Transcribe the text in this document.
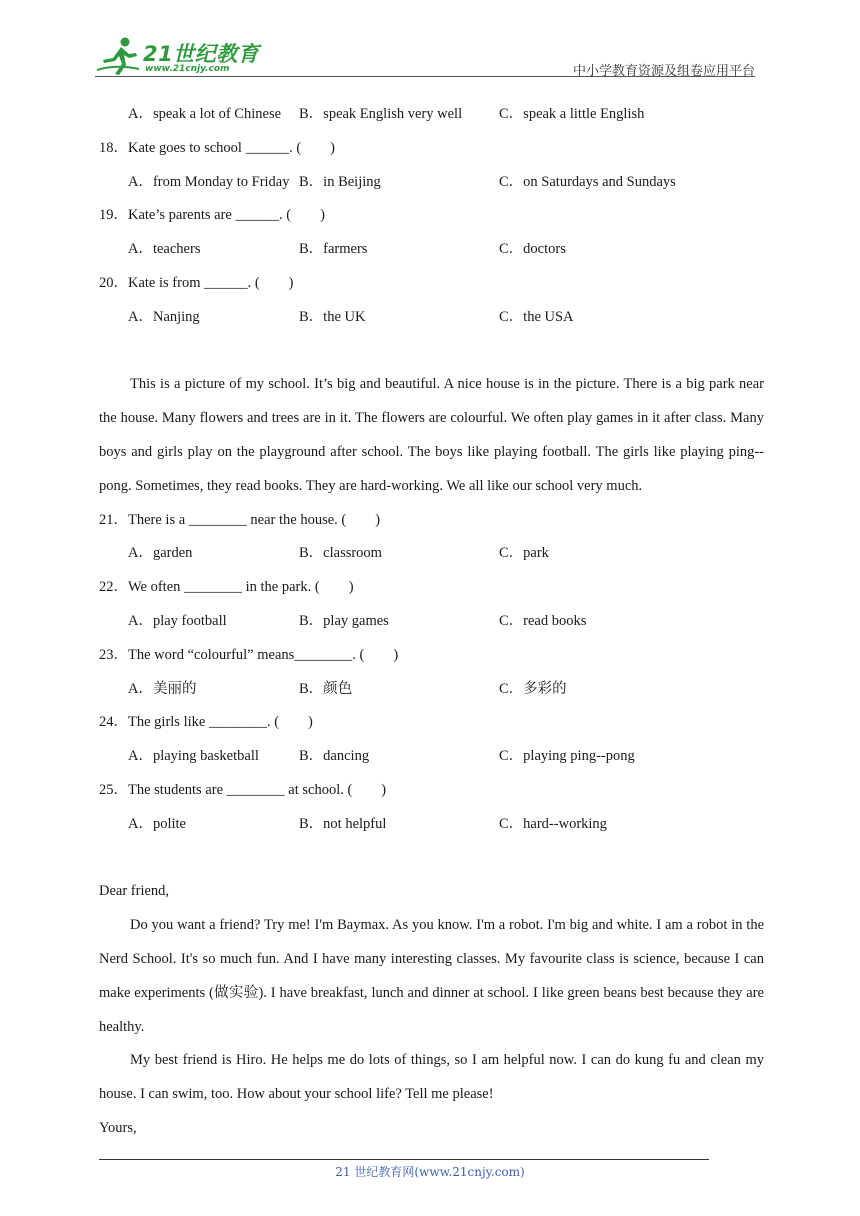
21世纪教育
www.21cnjy.com	中小学教育资源及组卷应用平台
A．speak a lot of Chinese B．speak English very well	C．speak a little English
18．Kate goes to school ______. (　　)
A．from Monday to Friday B．in Beijing	C．on Saturdays and Sundays
19．Kate’s parents are ______. (　　)
A．teachers	B．farmers	C．doctors
20．Kate is from ______. (　　)
A．Nanjing	B．the UK	C．the USA

This is a picture of my school. It’s big and beautiful. A nice house is in the picture. There is a big park near the house. Many flowers and trees are in it. The flowers are colourful. We often play games in it after class. Many boys and girls play on the playground after school. The boys like playing football. The girls like playing ping--pong. Sometimes, they read books. They are hard-working. We all like our school very much.

21．There is a ________ near the house. (　　)
A．garden	B．classroom	C．park
22．We often ________ in the park. (　　)
A．play football	B．play games	C．read books
23．The word “colourful” means________. (　　)
A．美丽的	B．颜色	C．多彩的
24．The girls like ________. (　　)
A．playing basketball	B．dancing	C．playing ping--pong
25．The students are ________ at school. (　　)
A．polite	B．not helpful	C．hard--working

Dear friend,

Do you want a friend? Try me! I'm Baymax. As you know. I'm a robot. I'm big and white. I am a robot in the Nerd School. It's so much fun. And I have many interesting classes. My favourite class is science, because I can make experiments (做实验). I have breakfast, lunch and dinner at school. I like green beans best because they are healthy.

My best friend is Hiro. He helps me do lots of things, so I am helpful now. I can do kung fu and clean my house. I can swim, too. How about your school life? Tell me please!

Yours,

21 世纪教育网(www.21cnjy.com)
